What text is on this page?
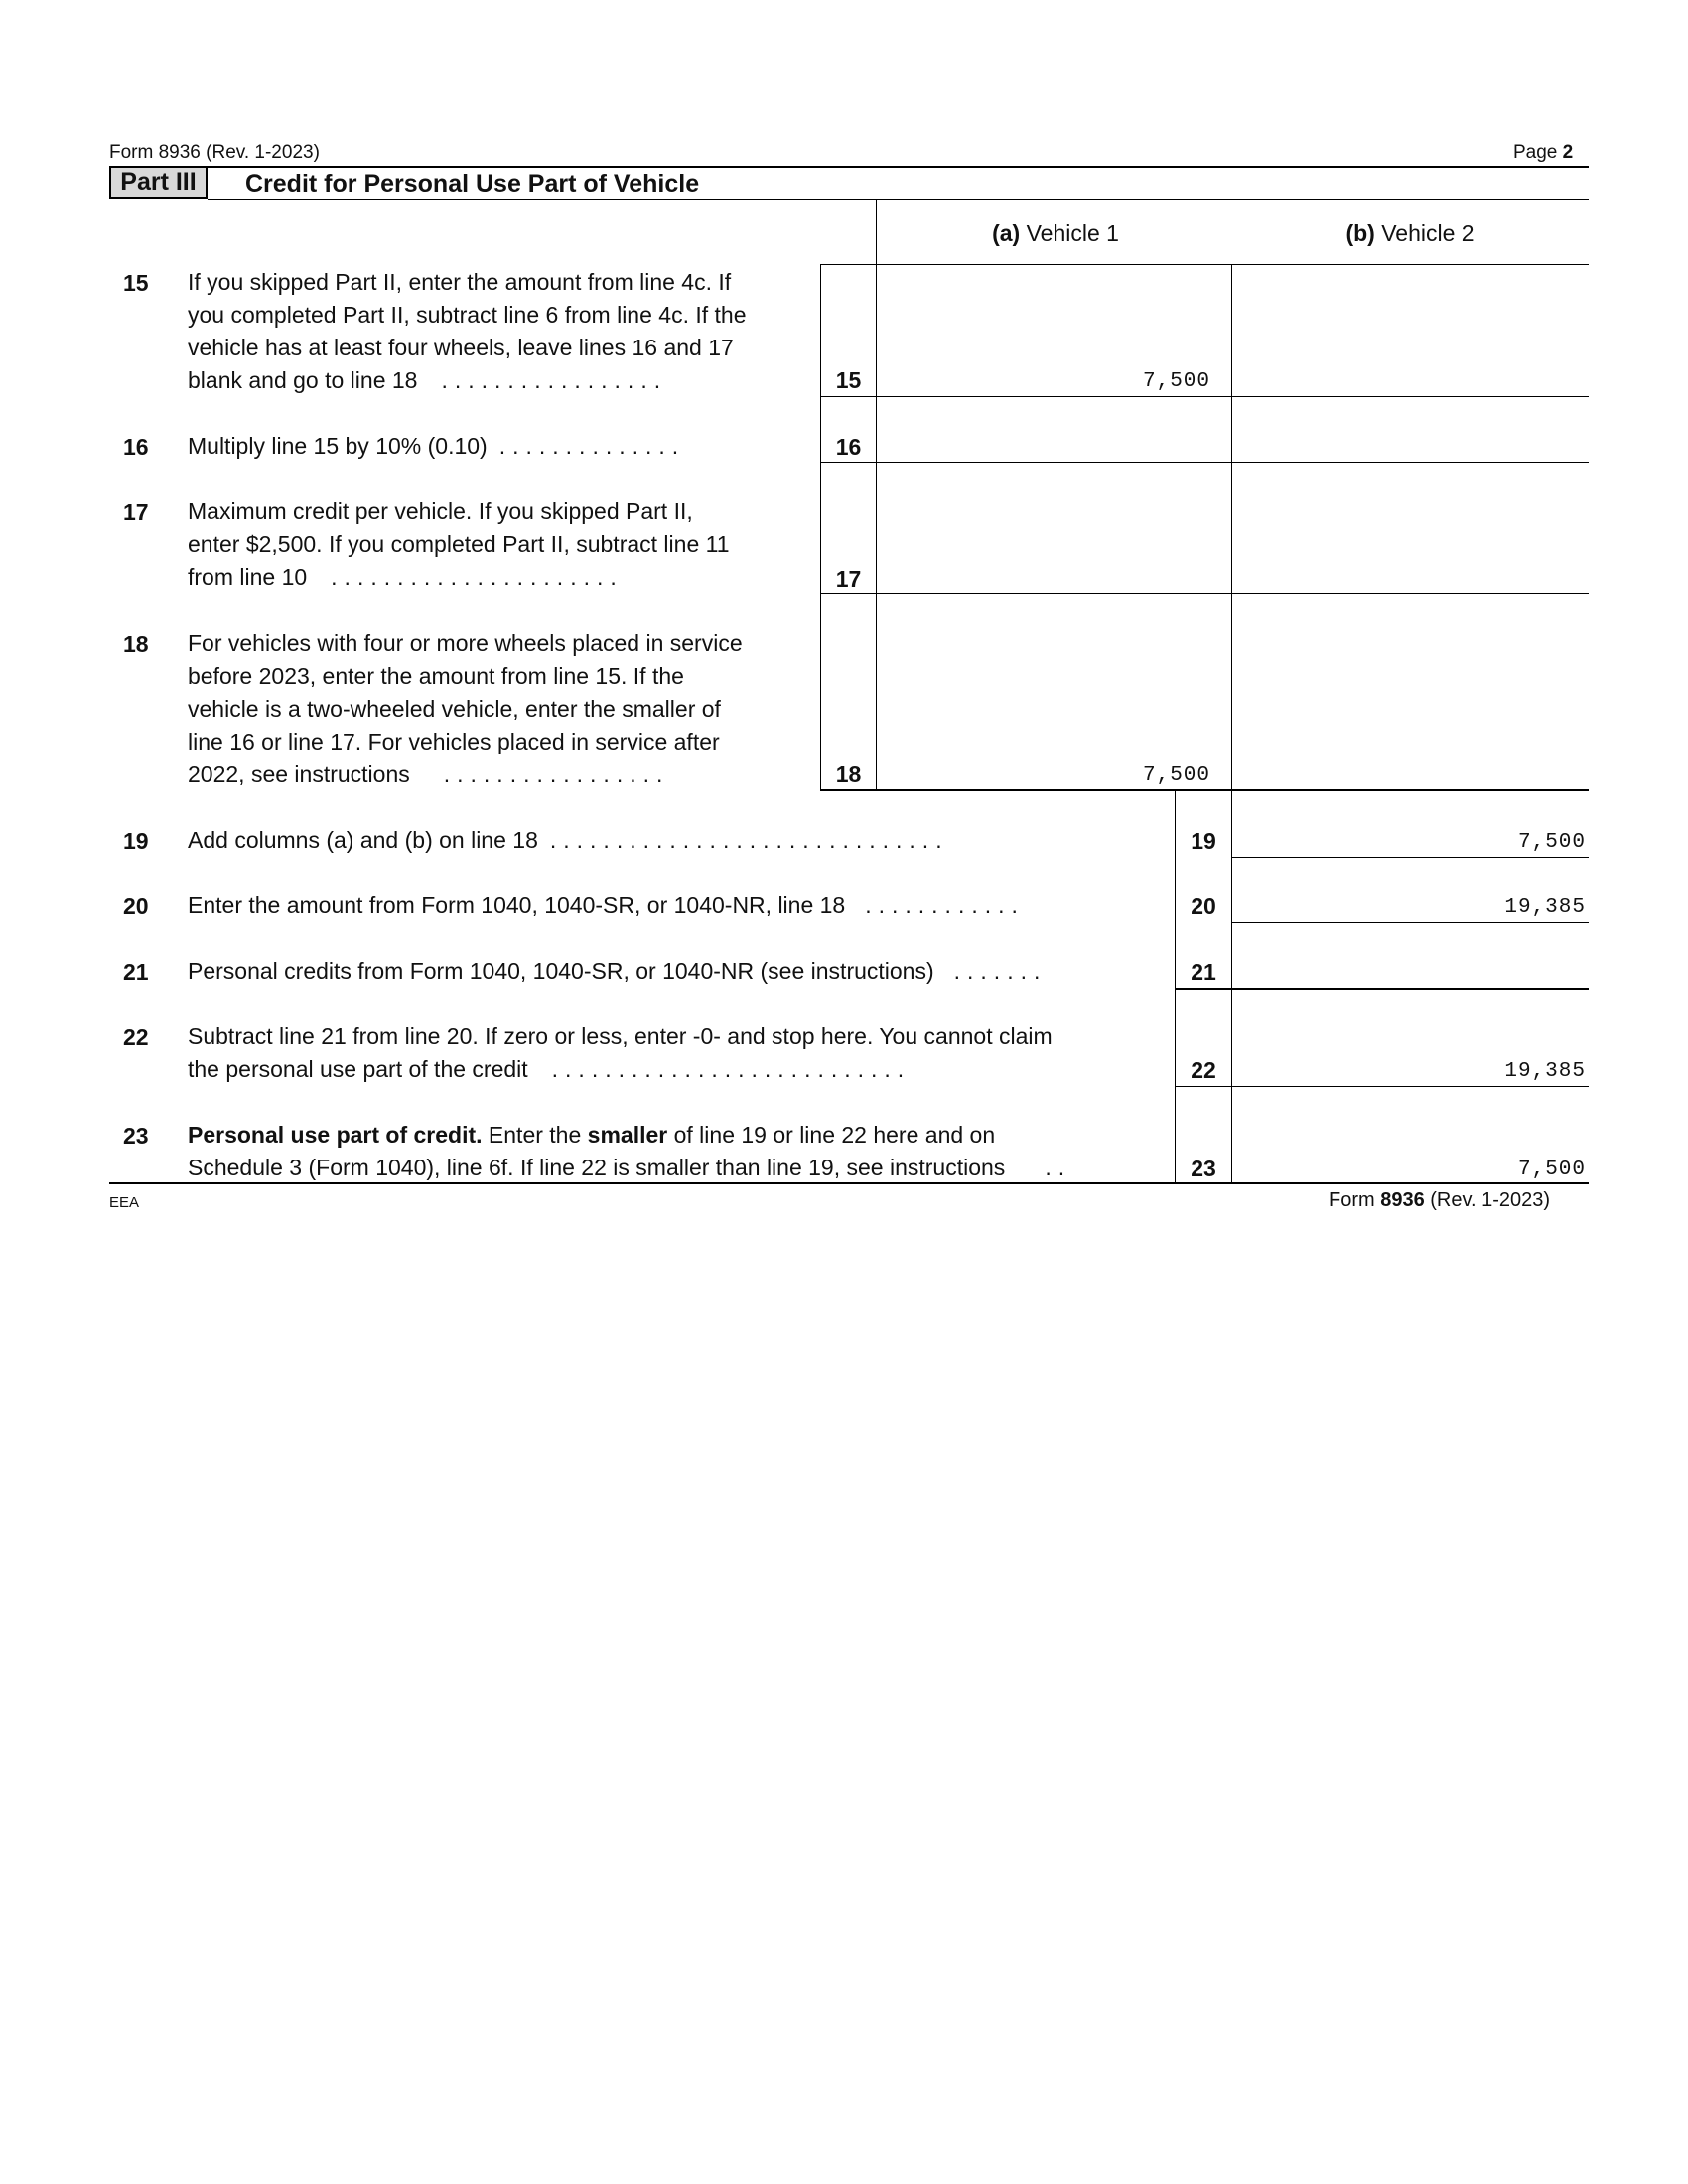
Form 8936 (Rev. 1-2023)	Page 2
Part III	Credit for Personal Use Part of Vehicle
(a) Vehicle 1	(b) Vehicle 2
15 If you skipped Part II, enter the amount from line 4c. If
you completed Part II, subtract line 6 from line 4c. If the
vehicle has at least four wheels, leave lines 16 and 17
blank and go to line 18 .................	15	7,500
16 Multiply line 15 by 10% (0.10) ..............	16
17 Maximum credit per vehicle. If you skipped Part II,
enter $2,500. If you completed Part II, subtract line 11
from line 10 ......................	17
18 For vehicles with four or more wheels placed in service
before 2023, enter the amount from line 15. If the
vehicle is a two-wheeled vehicle, enter the smaller of
line 16 or line 17. For vehicles placed in service after
2022, see instructions .................	18	7,500
19 Add columns (a) and (b) on line 18 ..............................	19	7,500
20 Enter the amount from Form 1040, 1040-SR, or 1040-NR, line 18 ............	20	19,385
21 Personal credits from Form 1040, 1040-SR, or 1040-NR (see instructions) .......	21
22 Subtract line 21 from line 20. If zero or less, enter -0- and stop here. You cannot claim
the personal use part of the credit ...........................	22	19,385
23 Personal use part of credit. Enter the smaller of line 19 or line 22 here and on
Schedule 3 (Form 1040), line 6f. If line 22 is smaller than line 19, see instructions ..	23	7,500
EEA	Form 8936 (Rev. 1-2023)
